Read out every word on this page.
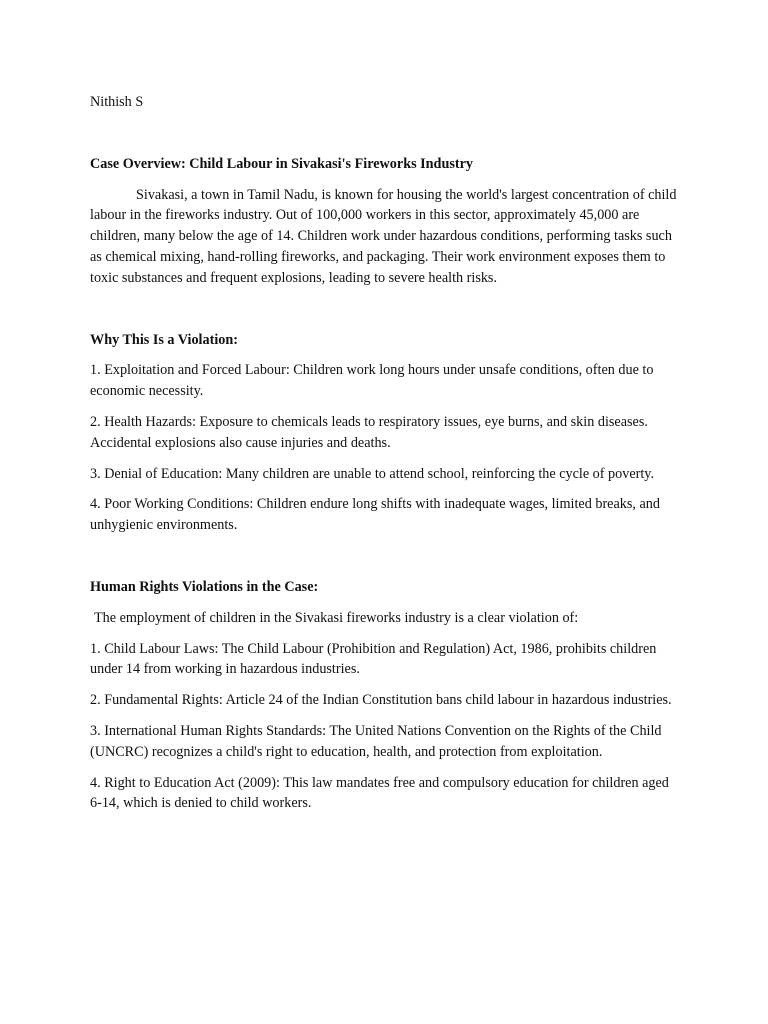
Nithish S

Case Overview: Child Labour in Sivakasi's Fireworks Industry

Sivakasi, a town in Tamil Nadu, is known for housing the world's largest concentration of child labour in the fireworks industry. Out of 100,000 workers in this sector, approximately 45,000 are children, many below the age of 14. Children work under hazardous conditions, performing tasks such as chemical mixing, hand-rolling fireworks, and packaging. Their work environment exposes them to toxic substances and frequent explosions, leading to severe health risks.

Why This Is a Violation:

1. Exploitation and Forced Labour: Children work long hours under unsafe conditions, often due to economic necessity.

2. Health Hazards: Exposure to chemicals leads to respiratory issues, eye burns, and skin diseases. Accidental explosions also cause injuries and deaths.

3. Denial of Education: Many children are unable to attend school, reinforcing the cycle of poverty.

4. Poor Working Conditions: Children endure long shifts with inadequate wages, limited breaks, and unhygienic environments.

Human Rights Violations in the Case:

The employment of children in the Sivakasi fireworks industry is a clear violation of:

1. Child Labour Laws: The Child Labour (Prohibition and Regulation) Act, 1986, prohibits children under 14 from working in hazardous industries.

2. Fundamental Rights: Article 24 of the Indian Constitution bans child labour in hazardous industries.

3. International Human Rights Standards: The United Nations Convention on the Rights of the Child (UNCRC) recognizes a child's right to education, health, and protection from exploitation.

4. Right to Education Act (2009): This law mandates free and compulsory education for children aged 6-14, which is denied to child workers.
